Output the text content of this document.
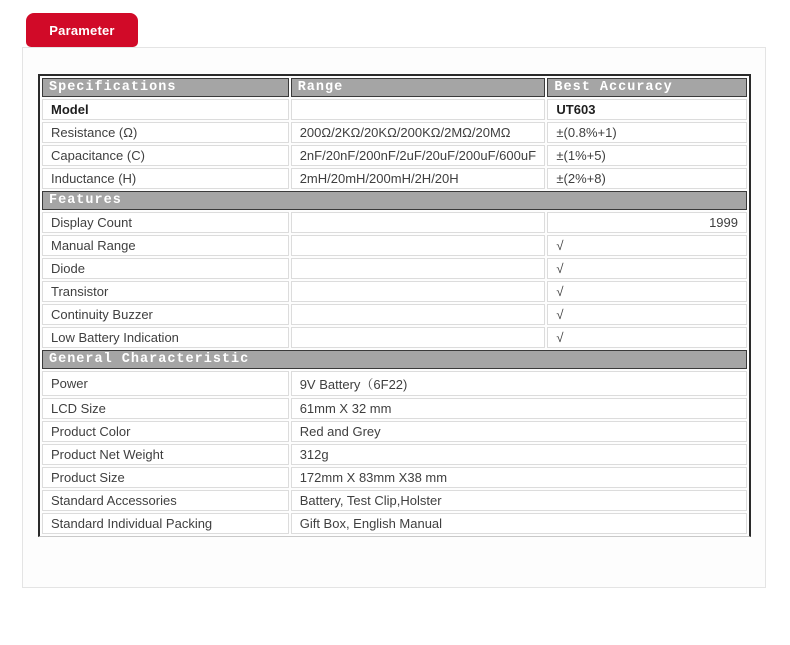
Parameter
Specifications	Range	Best Accuracy
Model		UT603
Resistance (Ω)	200Ω/2KΩ/20KΩ/200KΩ/2MΩ/20MΩ	±(0.8%+1)
Capacitance (C)	2nF/20nF/200nF/2uF/20uF/200uF/600uF	±(1%+5)
Inductance (H)	2mH/20mH/200mH/2H/20H	±(2%+8)
Features		
Display Count		1999
Manual Range		√
Diode		√
Transistor		√
Continuity Buzzer		√
Low Battery Indication		√
General Characteristic		
Power	9V Battery（6F22)	
LCD Size	61mm X 32 mm	
Product Color	Red and Grey	
Product Net Weight	312g	
Product Size	172mm X 83mm X38 mm	
Standard Accessories	Battery, Test Clip,Holster	
Standard Individual Packing	Gift Box, English Manual	
